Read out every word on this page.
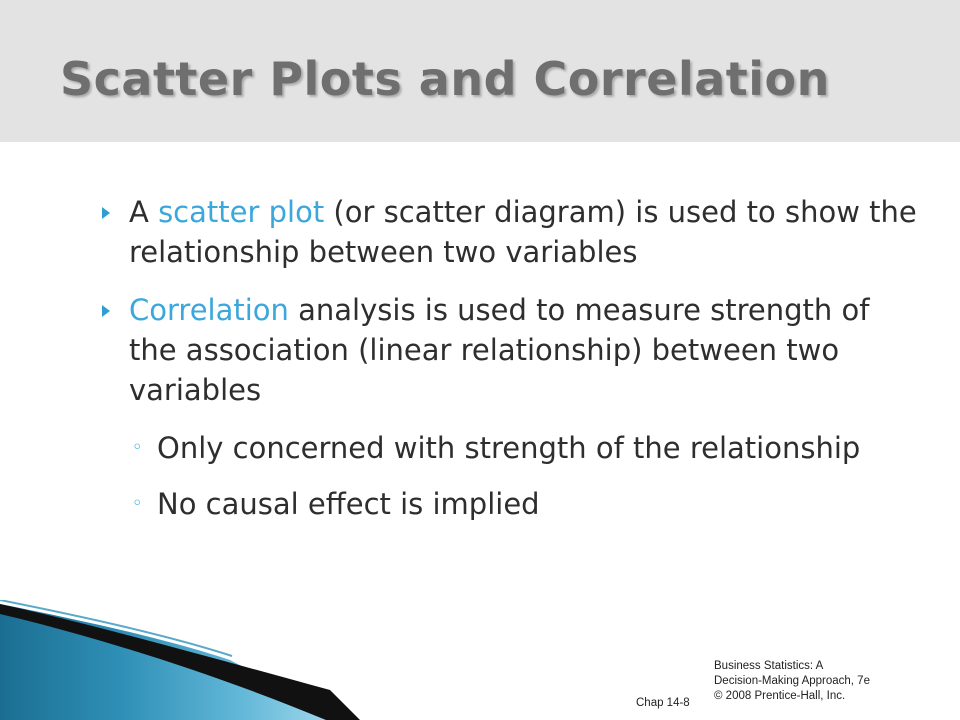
Scatter Plots and Correlation
A scatter plot (or scatter diagram) is used to show the relationship between two variables
Correlation analysis is used to measure strength of the association (linear relationship) between two variables
◦ Only concerned with strength of the relationship
◦ No causal effect is implied
Chap 14-8
Business Statistics: A
Decision-Making Approach, 7e
© 2008 Prentice-Hall, Inc.
